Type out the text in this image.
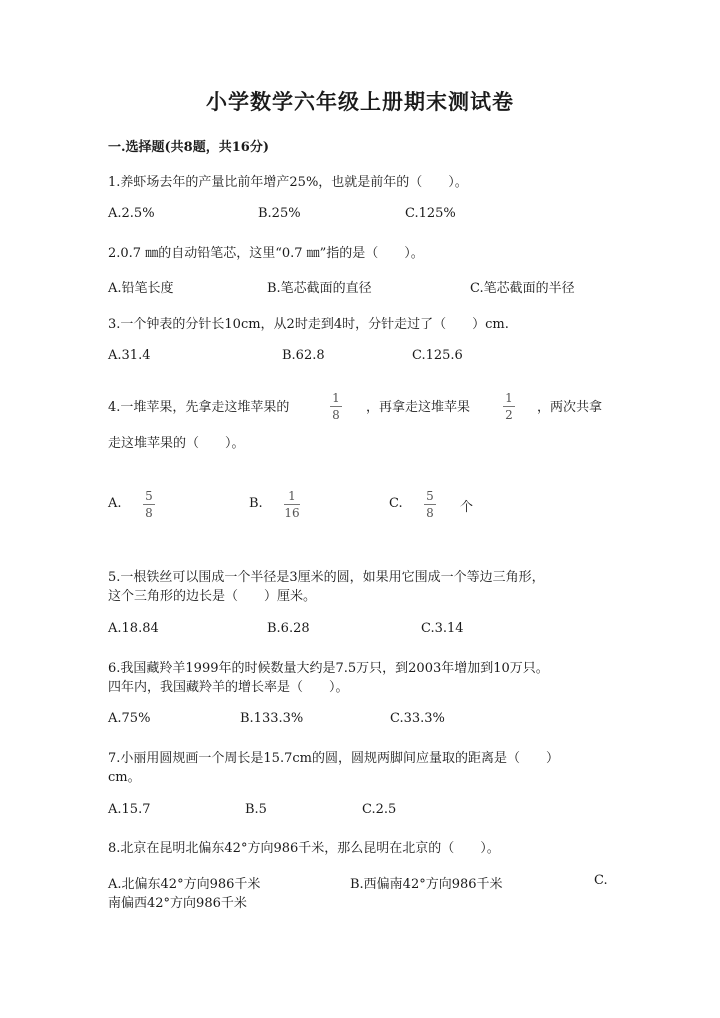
小学数学六年级上册期末测试卷
一.选择题(共8题，共16分)
1.养虾场去年的产量比前年增产25%，也就是前年的（　　）。
A.2.5%	B.25%	C.125%
2.0.7 ㎜的自动铅笔芯，这里“0.7 ㎜”指的是（　　）。
A.铅笔长度	B.笔芯截面的直径	C.笔芯截面的半径
3.一个钟表的分针长10cm，从2时走到4时，分针走过了（　　）cm.
A.31.4	B.62.8	C.125.6
4.一堆苹果，先拿走这堆苹果的
1
8 ，再拿走这堆苹果
1
2 ，两次共拿
走这堆苹果的（　　）。
A. 5
8
B. 1
16
C. 5
8 个
5.一根铁丝可以围成一个半径是3厘米的圆，如果用它围成一个等边三角形，
这个三角形的边长是（　　）厘米。
A.18.84	B.6.28	C.3.14
6.我国藏羚羊1999年的时候数量大约是7.5万只，到2003年增加到10万只。
四年内，我国藏羚羊的增长率是（　　）。
A.75%	B.133.3%	C.33.3%
7.小丽用圆规画一个周长是15.7cm的圆，圆规两脚间应量取的距离是（　　）
cm。
A.15.7	B.5	C.2.5
8.北京在昆明北偏东42°方向986千米，那么昆明在北京的（　　）。
A.北偏东42°方向986千米	B.西偏南42°方向986千米	C.
南偏西42°方向986千米
